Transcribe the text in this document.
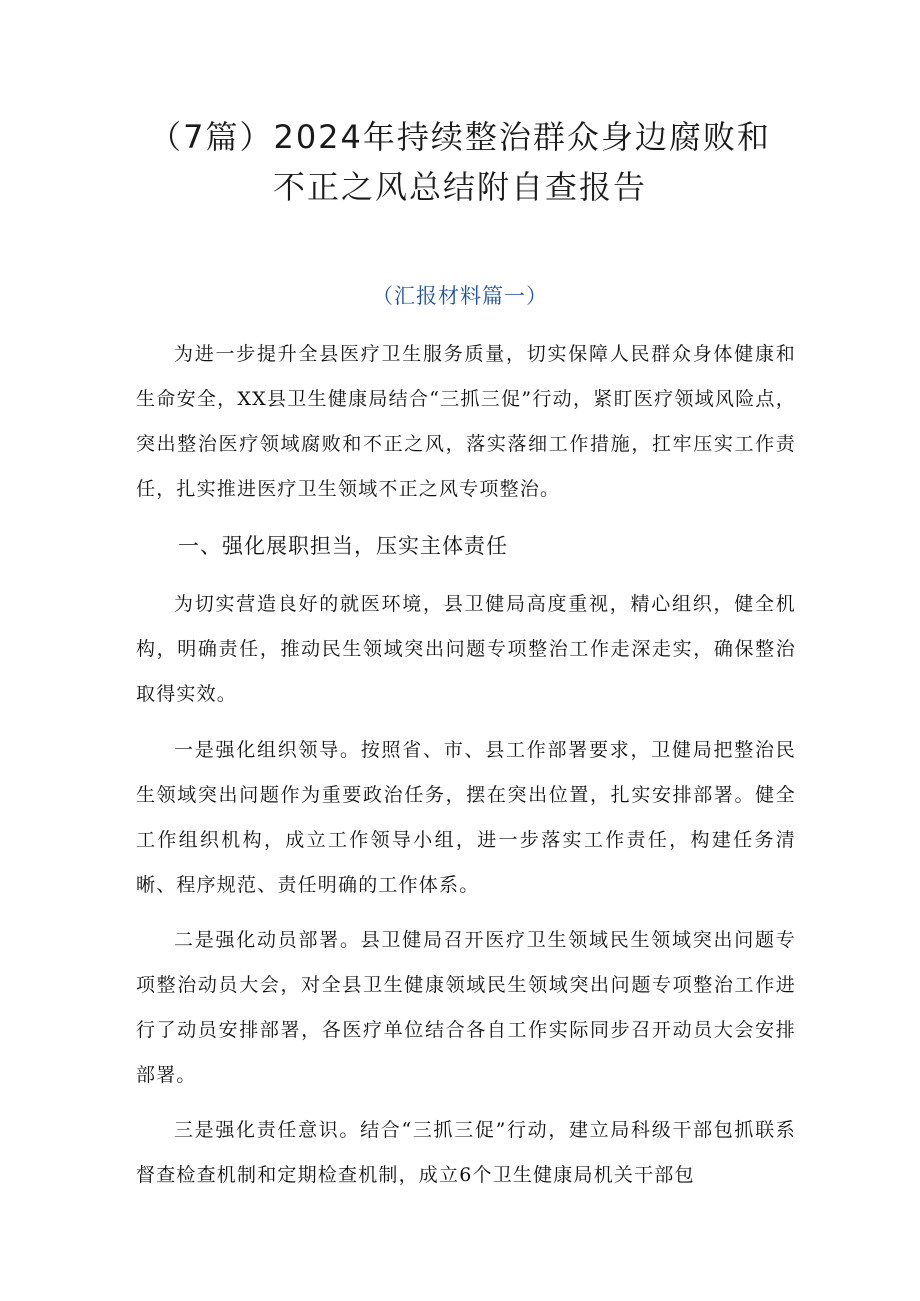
（7篇）2024年持续整治群众身边腐败和
不正之风总结附自查报告
（汇报材料篇一）

为进一步提升全县医疗卫生服务质量，切实保障人民群众身体健康和生命安全，XX县卫生健康局结合“三抓三促”行动，紧盯医疗领域风险点，突出整治医疗领域腐败和不正之风，落实落细工作措施，扛牢压实工作责任，扎实推进医疗卫生领域不正之风专项整治。

一、强化展职担当，压实主体责任

为切实营造良好的就医环境，县卫健局高度重视，精心组织，健全机构，明确责任，推动民生领域突出问题专项整治工作走深走实，确保整治取得实效。

一是强化组织领导。按照省、市、县工作部署要求，卫健局把整治民生领域突出问题作为重要政治任务，摆在突出位置，扎实安排部署。健全工作组织机构，成立工作领导小组，进一步落实工作责任，构建任务清晰、程序规范、责任明确的工作体系。

二是强化动员部署。县卫健局召开医疗卫生领域民生领域突出问题专项整治动员大会，对全县卫生健康领域民生领域突出问题专项整治工作进行了动员安排部署，各医疗单位结合各自工作实际同步召开动员大会安排部署。

三是强化责任意识。结合“三抓三促”行动，建立局科级干部包抓联系督查检查机制和定期检查机制，成立6个卫生健康局机关干部包
